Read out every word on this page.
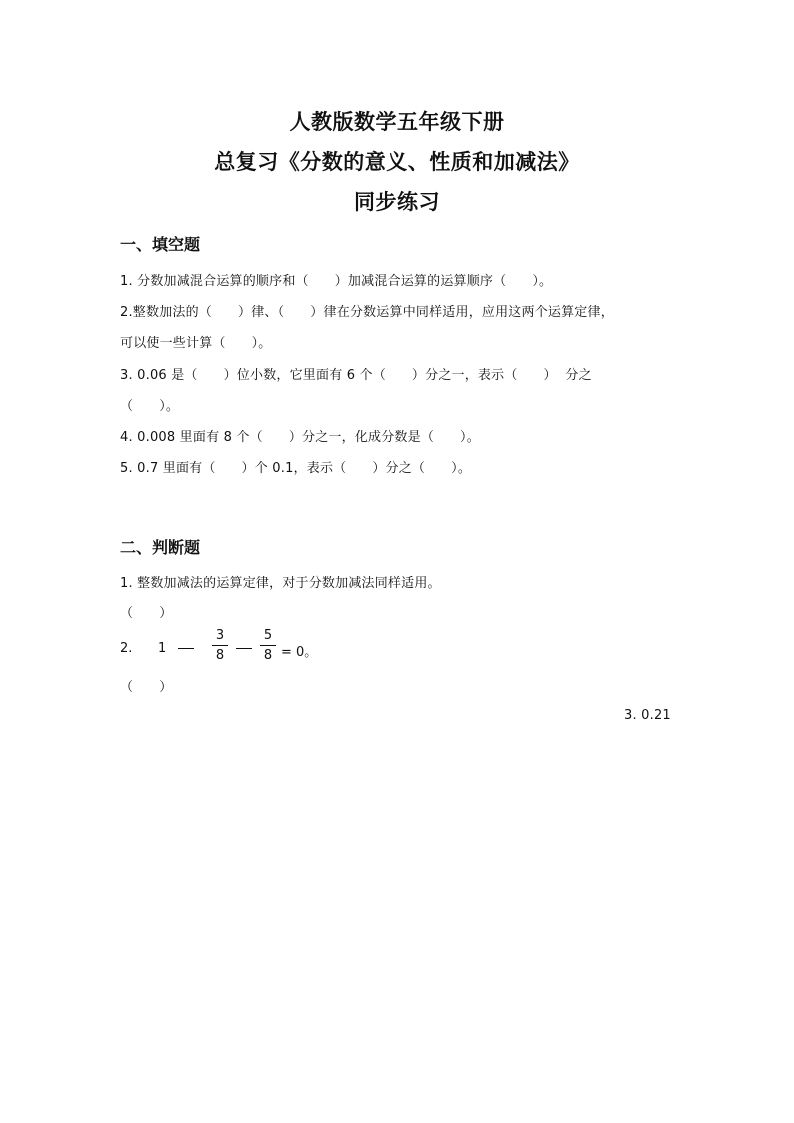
人教版数学五年级下册
总复习《分数的意义、性质和加减法》
同步练习
一、填空题
1. 分数加减混合运算的顺序和（      ）加减混合运算的运算顺序（      ）。
2.整数加法的（      ）律、（      ）律在分数运算中同样适用，应用这两个运算定律，
可以使一些计算（      ）。
3. 0.06 是（      ）位小数，它里面有 6 个（      ）分之一，表示（      ）  分之
（      ）。
4. 0.008 里面有 8 个（      ）分之一，化成分数是（      ）。
5. 0.7 里面有（      ）个 0.1，表示（      ）分之（      ）。
二、判断题
1. 整数加减法的运算定律，对于分数加减法同样适用。
（      ）
2. 1
3
8
5
8 = 0。
（      ）
3. 0.21
